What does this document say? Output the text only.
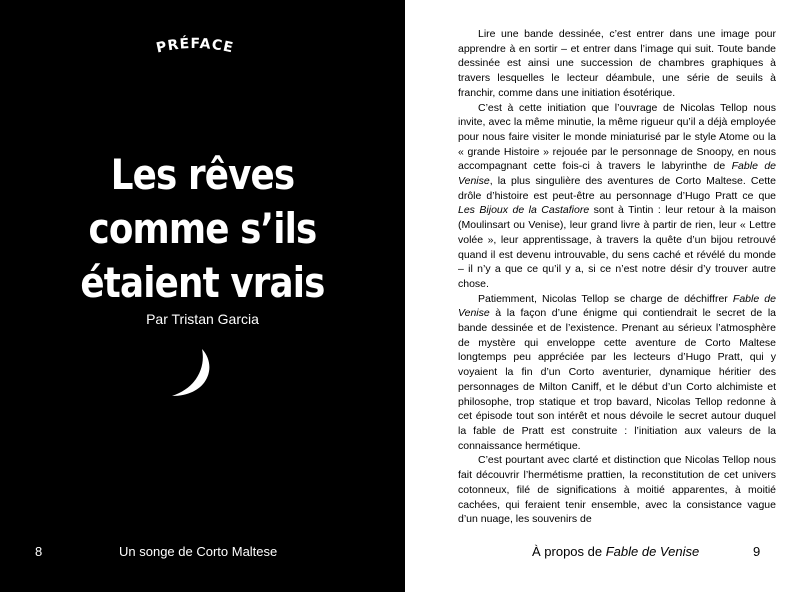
PRÉFACE
Les rêves
comme s’ils
étaient vrais
Par Tristan Garcia
8	Un songe de Corto Maltese

Lire une bande dessinée, c’est entrer dans une image pour apprendre à en sortir – et entrer dans l’image qui suit. Toute bande dessinée est ainsi une succession de chambres graphiques à travers lesquelles le lecteur déambule, une série de seuils à franchir, comme dans une initiation ésotérique.

C’est à cette initiation que l’ouvrage de Nicolas Tellop nous invite, avec la même minutie, la même rigueur qu’il a déjà employée pour nous faire visiter le monde miniaturisé par le style Atome ou la « grande Histoire » rejouée par le personnage de Snoopy, en nous accompagnant cette fois-ci à travers le labyrinthe de Fable de Venise, la plus singulière des aventures de Corto Maltese. Cette drôle d’histoire est peut-être au personnage d’Hugo Pratt ce que Les Bijoux de la Castafiore sont à Tintin : leur retour à la maison (Moulinsart ou Venise), leur grand livre à partir de rien, leur « Lettre volée », leur apprentissage, à travers la quête d’un bijou retrouvé quand il est devenu introuvable, du sens caché et révélé du monde – il n’y a que ce qu’il y a, si ce n’est notre désir d’y trouver autre chose.

Patiemment, Nicolas Tellop se charge de déchiffrer Fable de Venise à la façon d’une énigme qui contiendrait le secret de la bande dessinée et de l’existence. Prenant au sérieux l’atmosphère de mystère qui enveloppe cette aventure de Corto Maltese longtemps peu appréciée par les lecteurs d’Hugo Pratt, qui y voyaient la fin d’un Corto aventurier, dynamique héritier des personnages de Milton Caniff, et le début d’un Corto alchimiste et philosophe, trop statique et trop bavard, Nicolas Tellop redonne à cet épisode tout son intérêt et nous dévoile le secret autour duquel la fable de Pratt est construite : l’initiation aux valeurs de la connaissance hermétique.

C’est pourtant avec clarté et distinction que Nicolas Tellop nous fait découvrir l’hermétisme prattien, la reconstitution de cet univers cotonneux, filé de significations à moitié apparentes, à moitié cachées, qui feraient tenir ensemble, avec la consistance vague d’un nuage, les souvenirs de

À propos de Fable de Venise	9
